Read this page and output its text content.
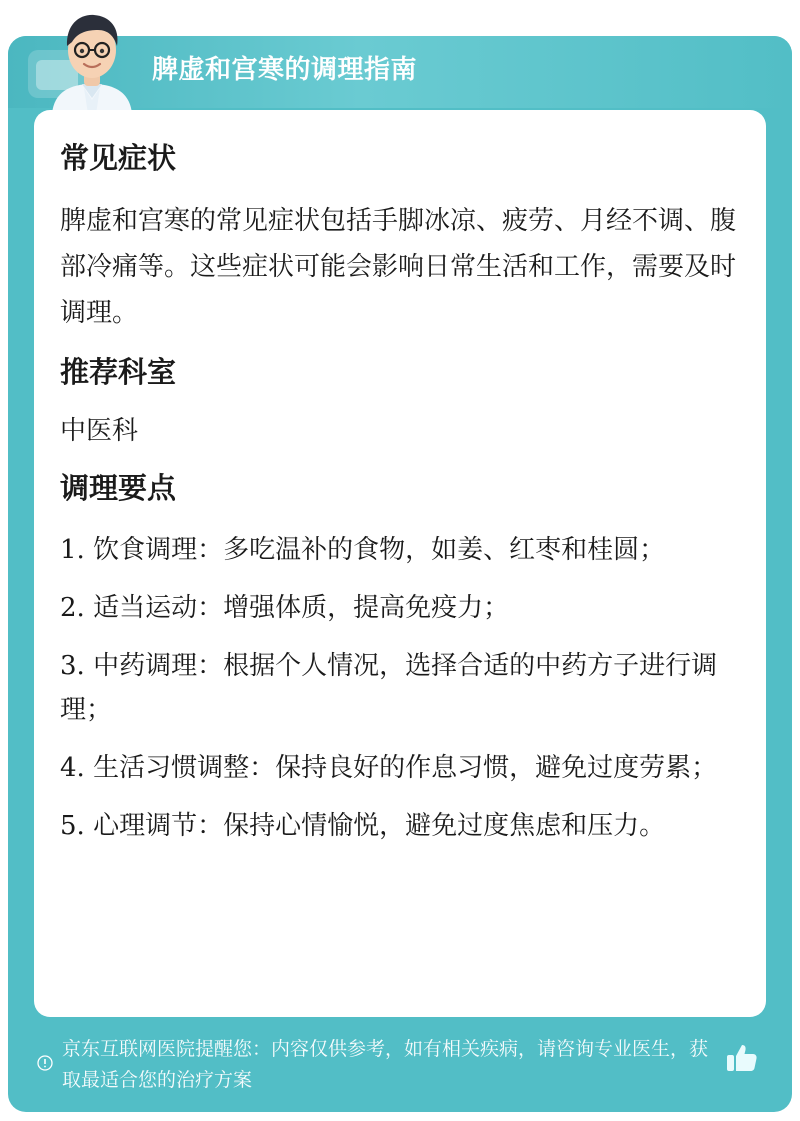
脾虚和宫寒的调理指南
常见症状

脾虚和宫寒的常见症状包括手脚冰凉、疲劳、月经不调、腹部冷痛等。这些症状可能会影响日常生活和工作，需要及时调理。

推荐科室

中医科

调理要点

1. 饮食调理：多吃温补的食物，如姜、红枣和桂圆；

2. 适当运动：增强体质，提高免疫力；

3. 中药调理：根据个人情况，选择合适的中药方子进行调理；

4. 生活习惯调整：保持良好的作息习惯，避免过度劳累；

5. 心理调节：保持心情愉悦，避免过度焦虑和压力。

京东互联网医院提醒您：内容仅供参考，如有相关疾病，请咨询专业医生，获取最适合您的治疗方案
